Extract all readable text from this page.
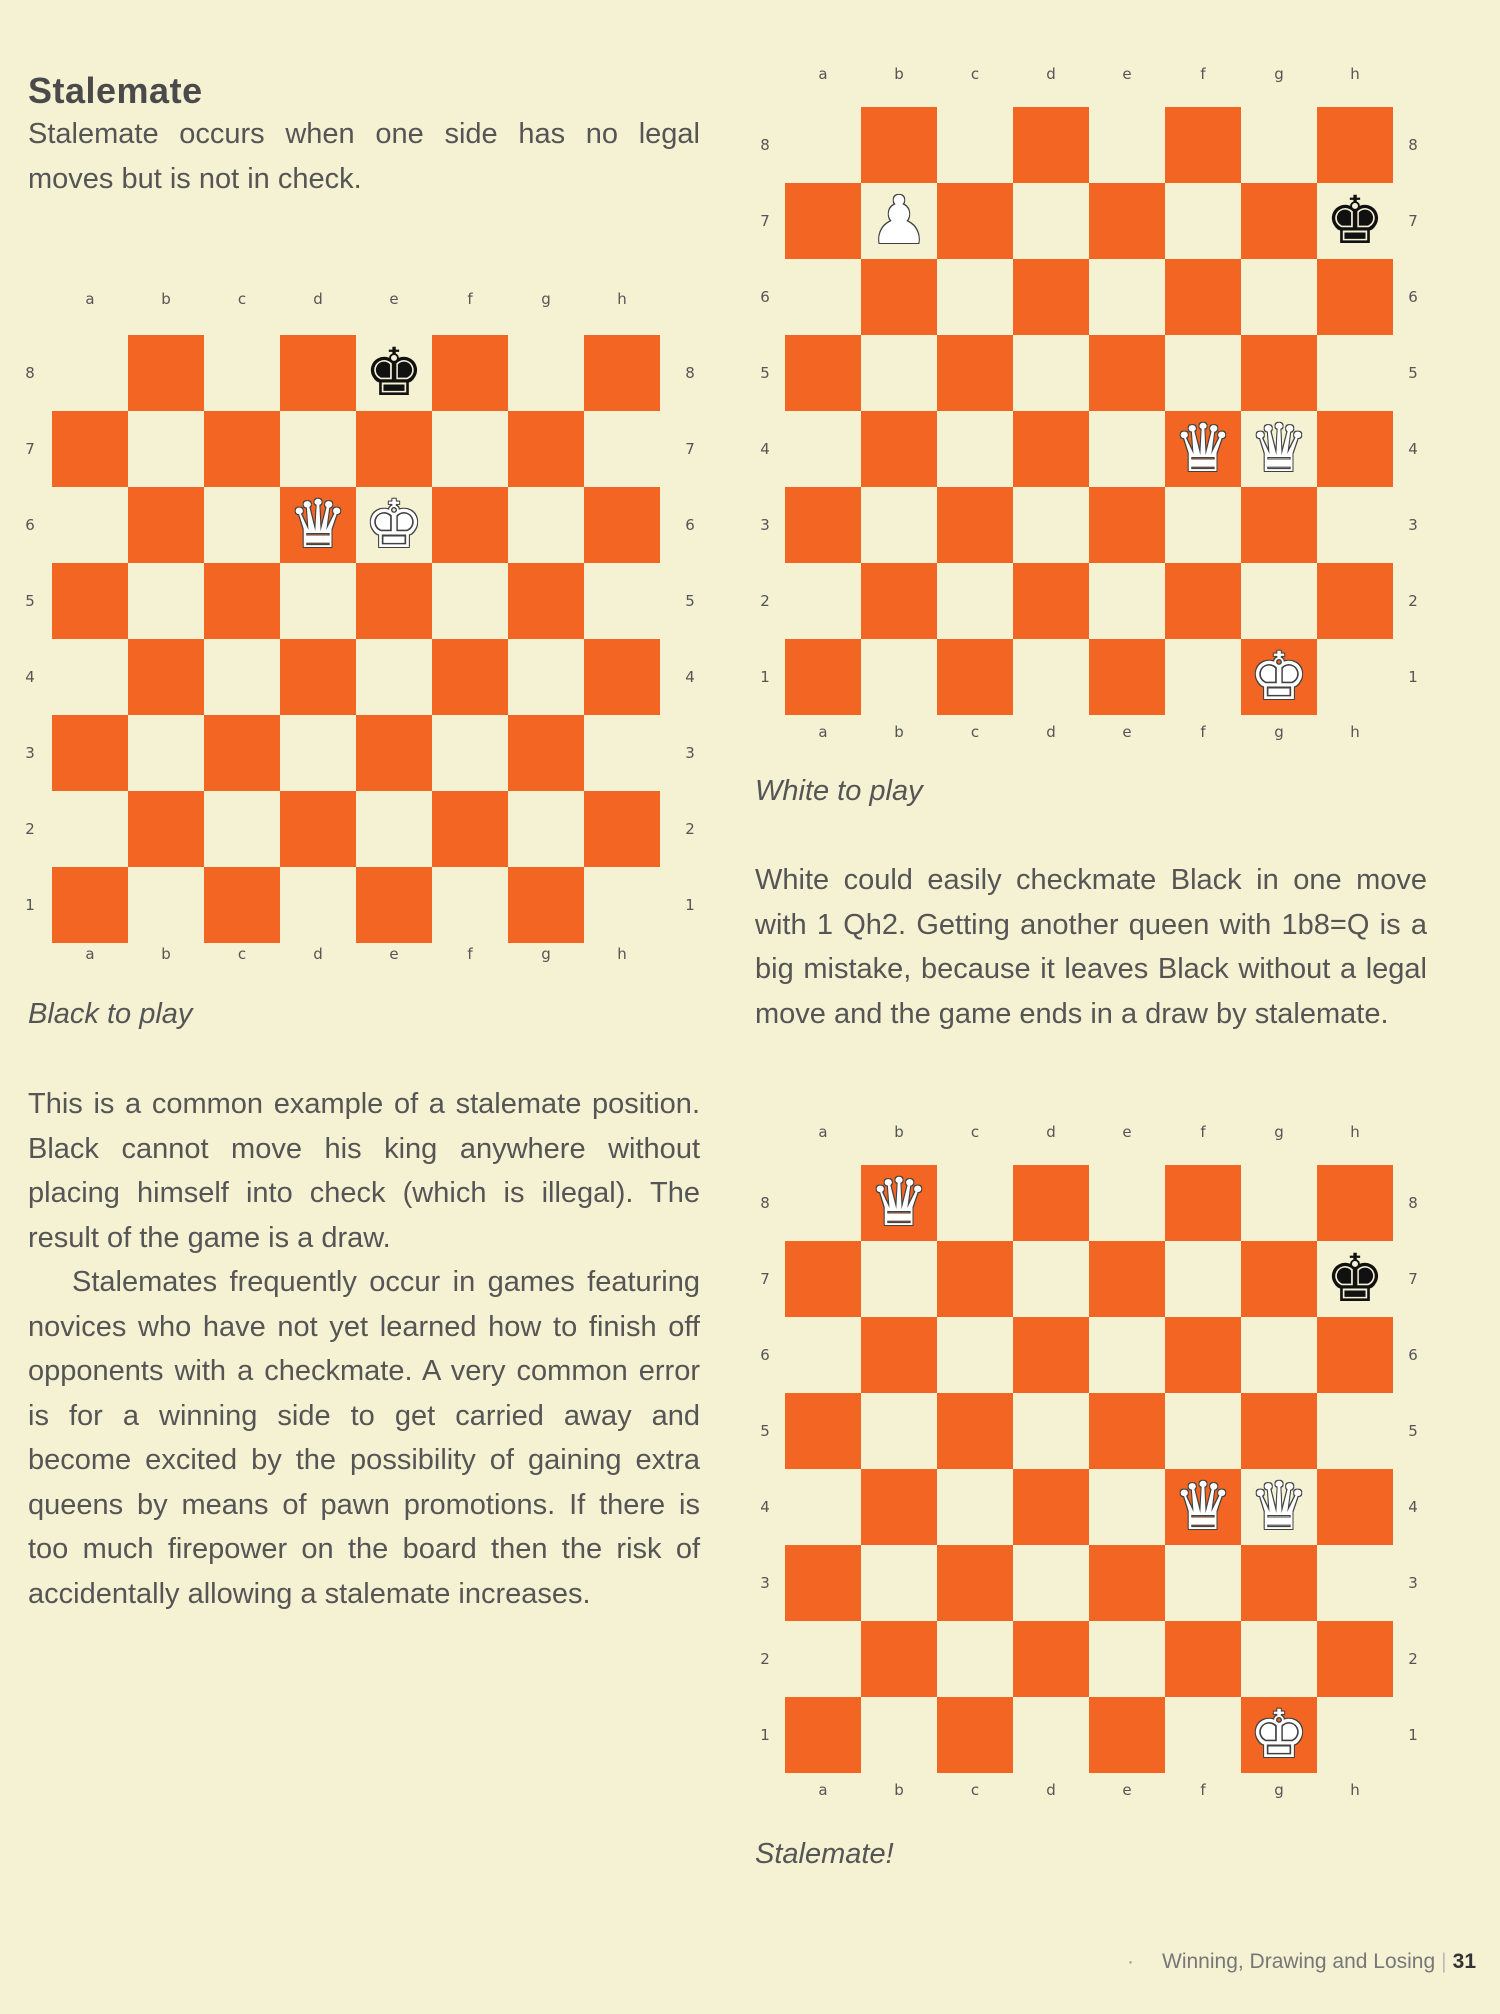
Stalemate

Stalemate occurs when one side has no legal moves but is not in check.

a
a
b
b
c
c
d
d
e
e
f
f
g
g
h
h
8	8
7	7
6	6
5	5
4	4
3	3
2	2
1	1
♚
♛ ♚
Black to play

This is a common example of a stalemate position. Black cannot move his king anywhere without placing himself into check (which is illegal). The result of the game is a draw.

Stalemates frequently occur in games featuring novices who have not yet learned how to finish off opponents with a checkmate. A very common error is for a winning side to get carried away and become excited by the possibility of gaining extra queens by means of pawn promotions. If there is too much firepower on the board then the risk of accidentally allowing a stalemate increases.

a
a
b
b
c
c
d
d
e
e
f
f
g
g
h
h
8	8
7	7
6	6
5	5
4	4
3	3
2	2
1	1
♟	♚
♛ ♛
♚
White to play

White could easily checkmate Black in one move with 1 Qh2. Getting another queen with 1b8=Q is a big mistake, because it leaves Black without a legal move and the game ends in a draw by stalemate.

a
a
b
b
c
c
d
d
e
e
f
f
g
g
h
h
8	8
7	7
6	6
5	5
4	4
3	3
2	2
1	1
♛
♚
♛ ♛
♚
Stalemate!
· Winning, Drawing and Losing | 31
